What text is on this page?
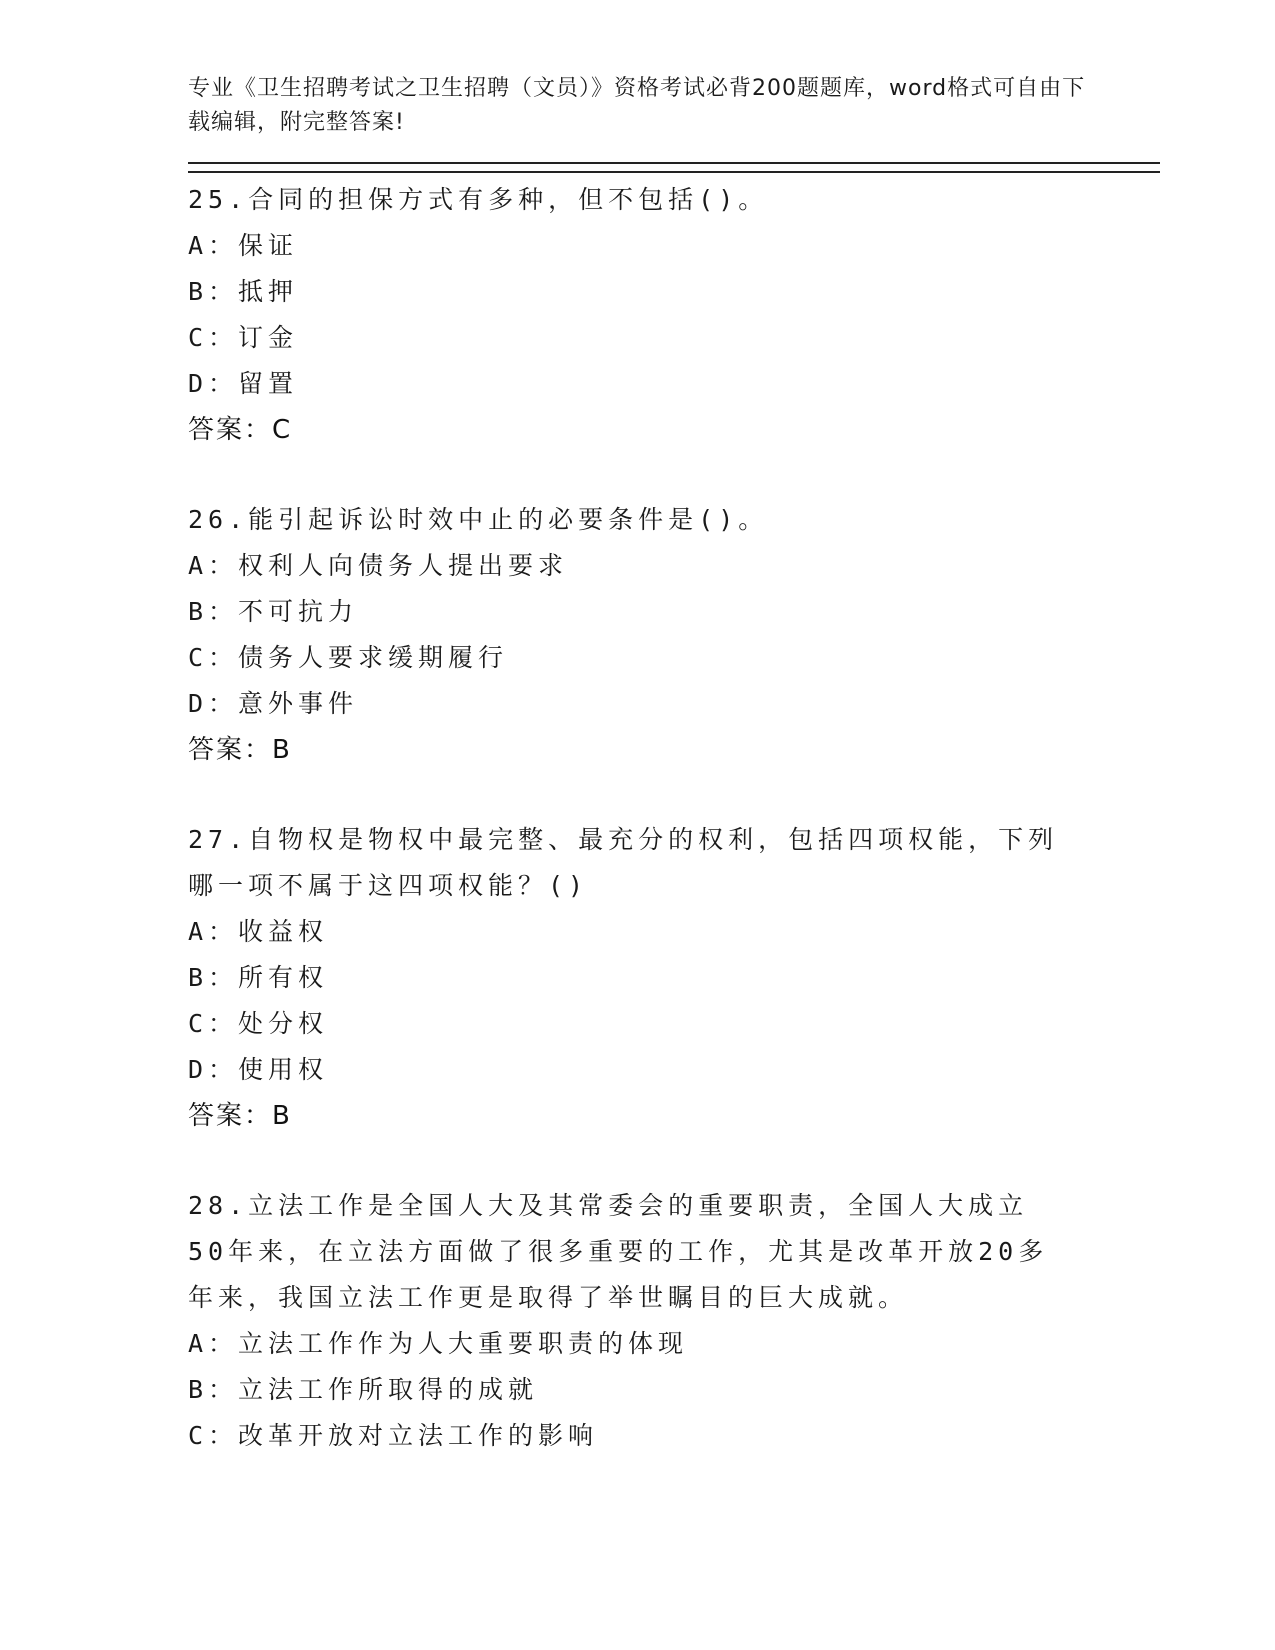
专业《卫生招聘考试之卫生招聘（文员）》资格考试必背200题题库，word格式可自由下载编辑，附完整答案!
25.合同的担保方式有多种，但不包括()。
A：保证
B：抵押
C：订金
D：留置
答案：C
26.能引起诉讼时效中止的必要条件是()。
A：权利人向债务人提出要求
B：不可抗力
C：债务人要求缓期履行
D：意外事件
答案：B
27.自物权是物权中最完整、最充分的权利，包括四项权能，下列哪一项不属于这四项权能？()
A：收益权
B：所有权
C：处分权
D：使用权
答案：B
28.立法工作是全国人大及其常委会的重要职责，全国人大成立50年来，在立法方面做了很多重要的工作，尤其是改革开放20多年来，我国立法工作更是取得了举世瞩目的巨大成就。
A：立法工作作为人大重要职责的体现
B：立法工作所取得的成就
C：改革开放对立法工作的影响
